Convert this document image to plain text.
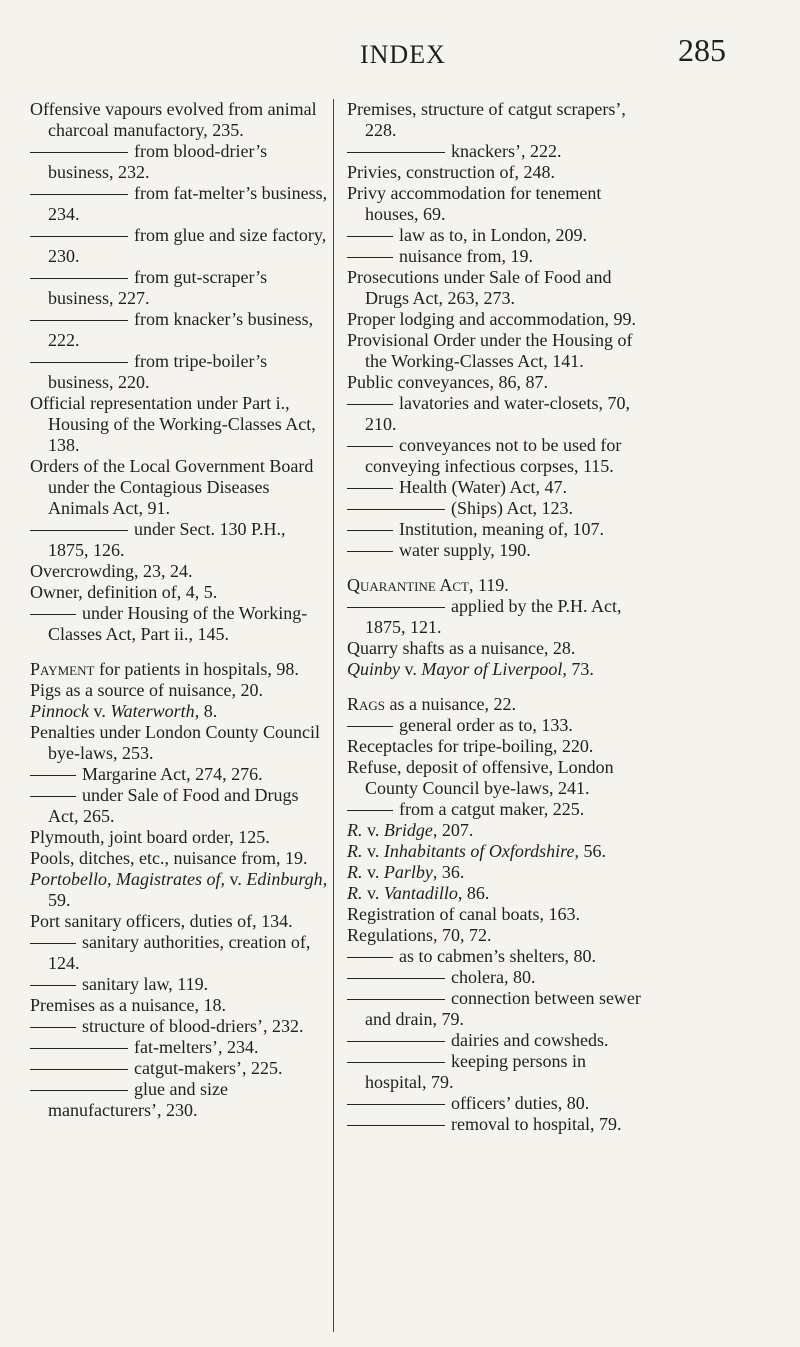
INDEX	285

Offensive vapours evolved from animal charcoal manufactory, 235.

from blood-drier’s business, 232.

from fat-melter’s business, 234.

from glue and size factory, 230.

from gut-scraper’s business, 227.

from knacker’s business, 222.

from tripe-boiler’s business, 220.

Official representation under Part i., Housing of the Working-Classes Act, 138.

Orders of the Local Government Board under the Contagious Diseases Animals Act, 91.

under Sect. 130 P.H., 1875, 126.

Overcrowding, 23, 24.

Owner, definition of, 4, 5.

under Housing of the Working-Classes Act, Part ii., 145.

Payment for patients in hospitals, 98.

Pigs as a source of nuisance, 20.

Pinnock v. Waterworth, 8.

Penalties under London County Council bye-laws, 253.

Margarine Act, 274, 276.

under Sale of Food and Drugs Act, 265.

Plymouth, joint board order, 125.

Pools, ditches, etc., nuisance from, 19.

Portobello, Magistrates of, v. Edinburgh, 59.

Port sanitary officers, duties of, 134.

sanitary authorities, creation of, 124.

sanitary law, 119.

Premises as a nuisance, 18.

structure of blood-driers’, 232.

fat-melters’, 234.

catgut-makers’, 225.

glue and size manufacturers’, 230.

Premises, structure of catgut scrapers’, 228.

knackers’, 222.

Privies, construction of, 248.

Privy accommodation for tenement houses, 69.

law as to, in London, 209.

nuisance from, 19.

Prosecutions under Sale of Food and Drugs Act, 263, 273.

Proper lodging and accommodation, 99.

Provisional Order under the Housing of the Working-Classes Act, 141.

Public conveyances, 86, 87.

lavatories and water-closets, 70, 210.

conveyances not to be used for conveying infectious corpses, 115.

Health (Water) Act, 47.

(Ships) Act, 123.

Institution, meaning of, 107.

water supply, 190.

Quarantine Act, 119.

applied by the P.H. Act, 1875, 121.

Quarry shafts as a nuisance, 28.

Quinby v. Mayor of Liverpool, 73.

Rags as a nuisance, 22.

general order as to, 133.

Receptacles for tripe-boiling, 220.

Refuse, deposit of offensive, London County Council bye-laws, 241.

from a catgut maker, 225.

R. v. Bridge, 207.

R. v. Inhabitants of Oxfordshire, 56.

R. v. Parlby, 36.

R. v. Vantadillo, 86.

Registration of canal boats, 163.

Regulations, 70, 72.

as to cabmen’s shelters, 80.

cholera, 80.

connection between sewer and drain, 79.

dairies and cowsheds.

keeping persons in hospital, 79.

officers’ duties, 80.

removal to hospital, 79.
